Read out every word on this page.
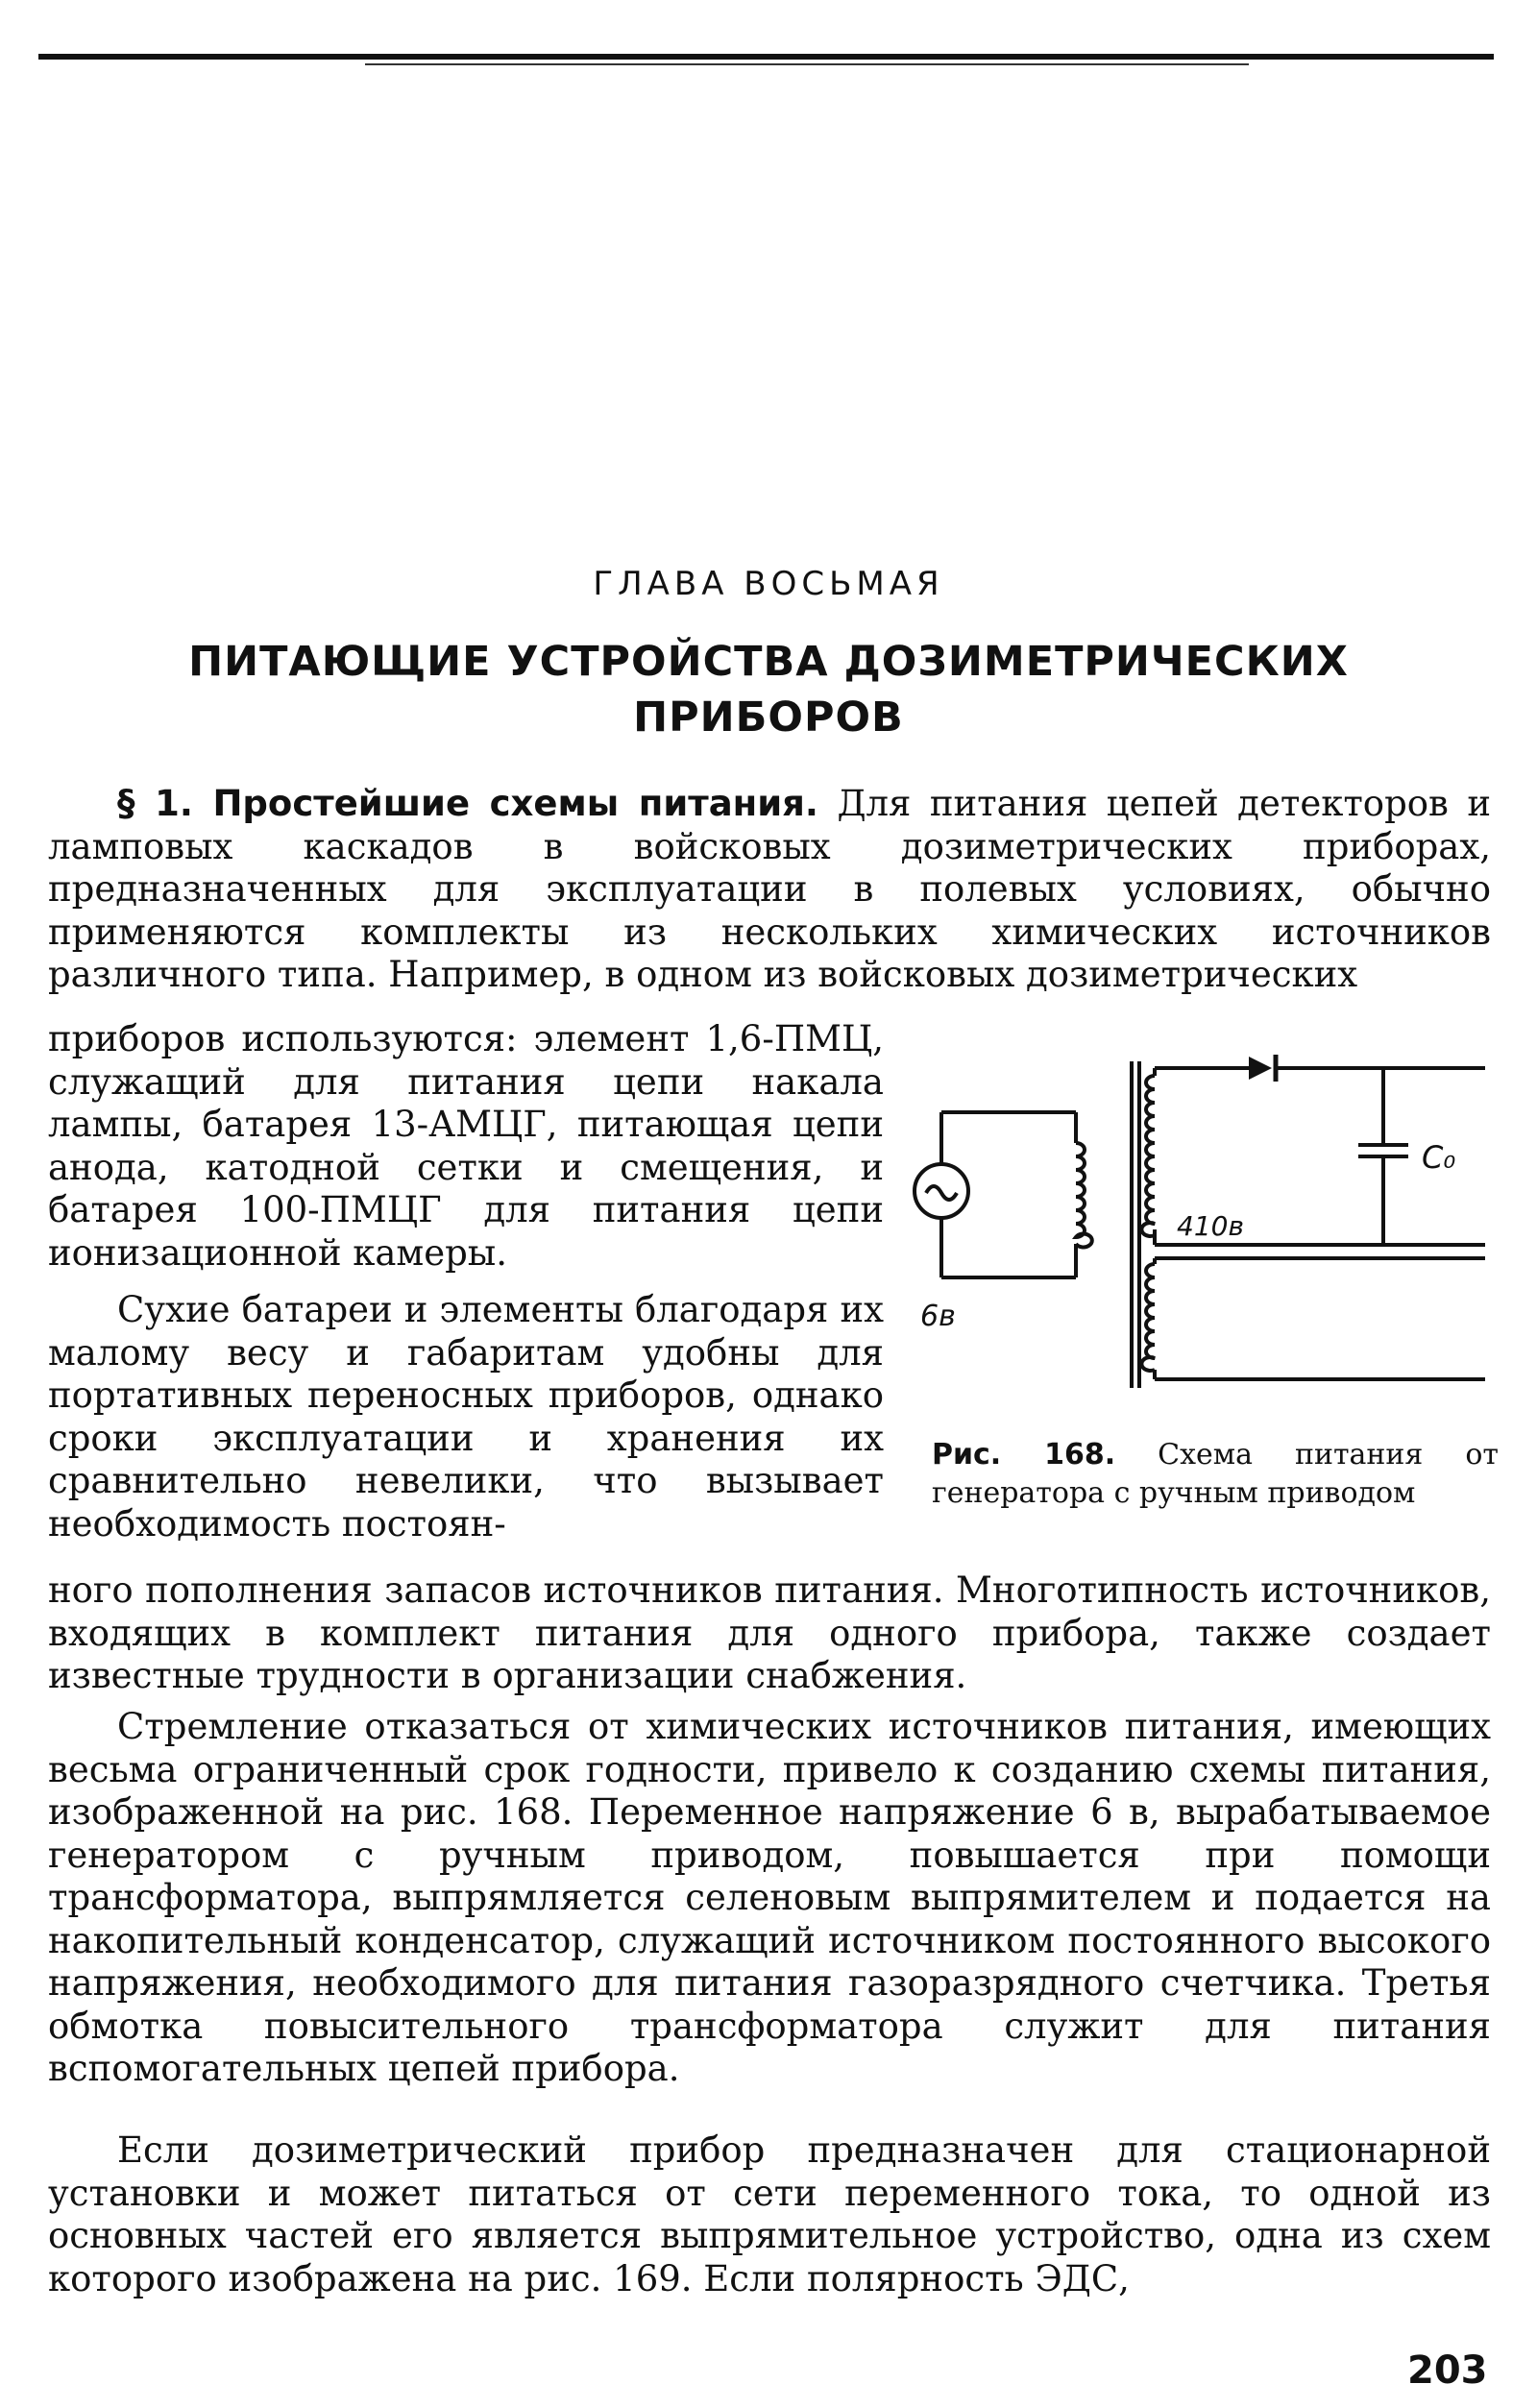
ГЛАВА ВОСЬМАЯ
ПИТАЮЩИЕ УСТРОЙСТВА ДОЗИМЕТРИЧЕСКИХ ПРИБОРОВ
§ 1. Простейшие схемы питания. Для питания цепей детекторов и ламповых каскадов в войсковых дозиметрических приборах, предназначенных для эксплуатации в полевых условиях, обычно применяются комплекты из нескольких химических источников различного типа. Например, в одном из войсковых дозиметрических
приборов используются: элемент 1,6-ПМЦ, служащий для питания цепи накала лампы, батарея 13-АМЦГ, питающая цепи анода, катодной сетки и смещения, и батарея 100-ПМЦГ для питания цепи ионизационной камеры.
Сухие батареи и элементы благодаря их малому весу и габаритам удобны для портативных переносных приборов, однако сроки эксплуатации и хранения их сравнительно невелики, что вызывает необходимость постоян-
ного пополнения запасов источников питания. Многотипность источников, входящих в комплект питания для одного прибора, также создает известные трудности в организации снабжения.
Стремление отказаться от химических источников питания, имеющих весьма ограниченный срок годности, привело к созданию схемы питания, изображенной на рис. 168. Переменное напряжение 6 в, вырабатываемое генератором с ручным приводом, повышается при помощи трансформатора, выпрямляется селеновым выпрямителем и подается на накопительный конденсатор, служащий источником постоянного высокого напряжения, необходимого для питания газоразрядного счетчика. Третья обмотка повысительного трансформатора служит для питания вспомогательных цепей прибора.
Если дозиметрический прибор предназначен для стационарной установки и может питаться от сети переменного тока, то одной из основных частей его является выпрямительное устройство, одна из схем которого изображена на рис. 169. Если полярность ЭДС,
6в
410в
C₀
Рис. 168. Схема питания от генератора с ручным приводом
203
